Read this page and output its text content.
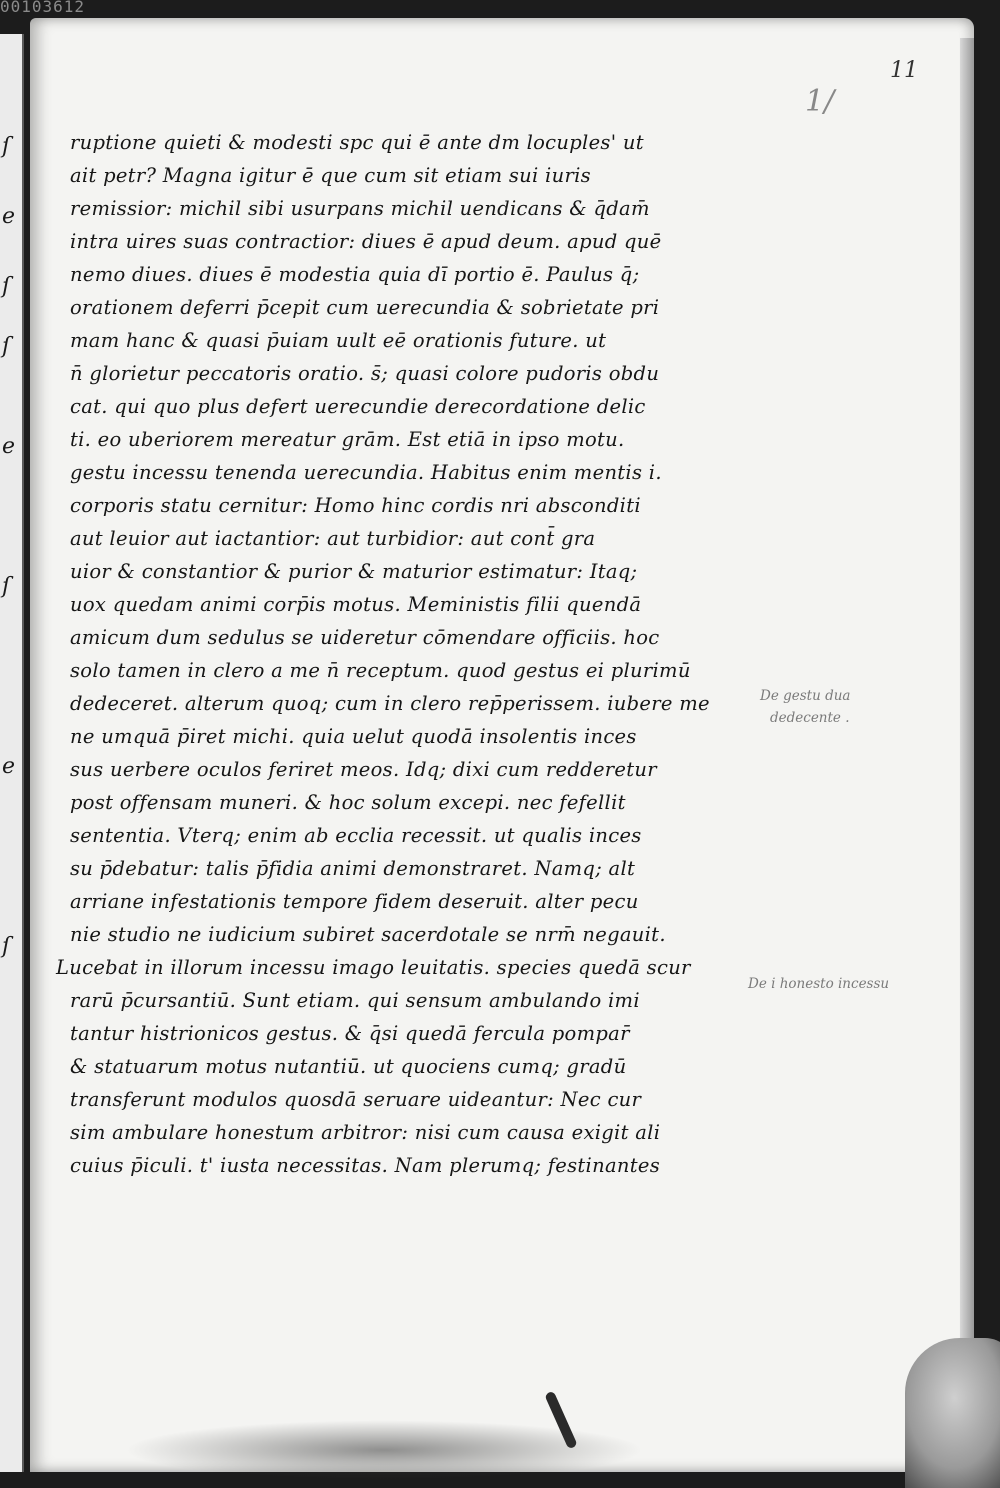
00103612
ſ
e
ſ
ſ
e
ſ
e
ſ
11
1/
ruptione quieti & modesti spc qui ē ante dm locuples' ut
ait petr? Magna igitur ē que cum sit etiam sui iuris
remissior: michil sibi usurpans michil uendicans & q̄dam̄
intra uires suas contractior: diues ē apud deum. apud quē
nemo diues. diues ē modestia quia dī portio ē. Paulus q̄;
orationem deferri p̄cepit cum uerecundia & sobrietate pri
mam hanc & quasi p̄uiam uult eē orationis future. ut
n̄ glorietur peccatoris oratio. s̄; quasi colore pudoris obdu
cat. qui quo plus defert uerecundie derecordatione delic
ti. eo uberiorem mereatur grām. Est etiā in ipso motu.
gestu incessu tenenda uerecundia. Habitus enim mentis i.
corporis statu cernitur: Homo hinc cordis nri absconditi
aut leuior aut iactantior: aut turbidior: aut cont̄ gra
uior & constantior & purior & maturior estimatur: Itaq;
uox quedam animi corp̄is motus. Meministis filii quendā
amicum dum sedulus se uideretur cōmendare officiis. hoc
solo tamen in clero a me n̄ receptum. quod gestus ei plurimū
dedeceret. alterum quoq; cum in clero rep̄perissem. iubere me
ne umquā p̄iret michi. quia uelut quodā insolentis inces
sus uerbere oculos feriret meos. Idq; dixi cum redderetur
post offensam muneri. & hoc solum excepi. nec fefellit
sententia. Vterq; enim ab ecclia recessit. ut qualis inces
su p̄debatur: talis p̄fidia animi demonstraret. Namq; alt
arriane infestationis tempore fidem deseruit. alter pecu
nie studio ne iudicium subiret sacerdotale se nrm̄ negauit.
Lucebat in illorum incessu imago leuitatis. species quedā scur
rarū p̄cursantiū. Sunt etiam. qui sensum ambulando imi
tantur histrionicos gestus. & q̄si quedā fercula pompar̄
& statuarum motus nutantiū. ut quociens cumq; gradū
transferunt modulos quosdā seruare uideantur: Nec cur
sim ambulare honestum arbitror: nisi cum causa exigit ali
cuius p̄iculi. t' iusta necessitas. Nam plerumq; festinantes
De gestu dua
dedecente .
De i honesto incessu
